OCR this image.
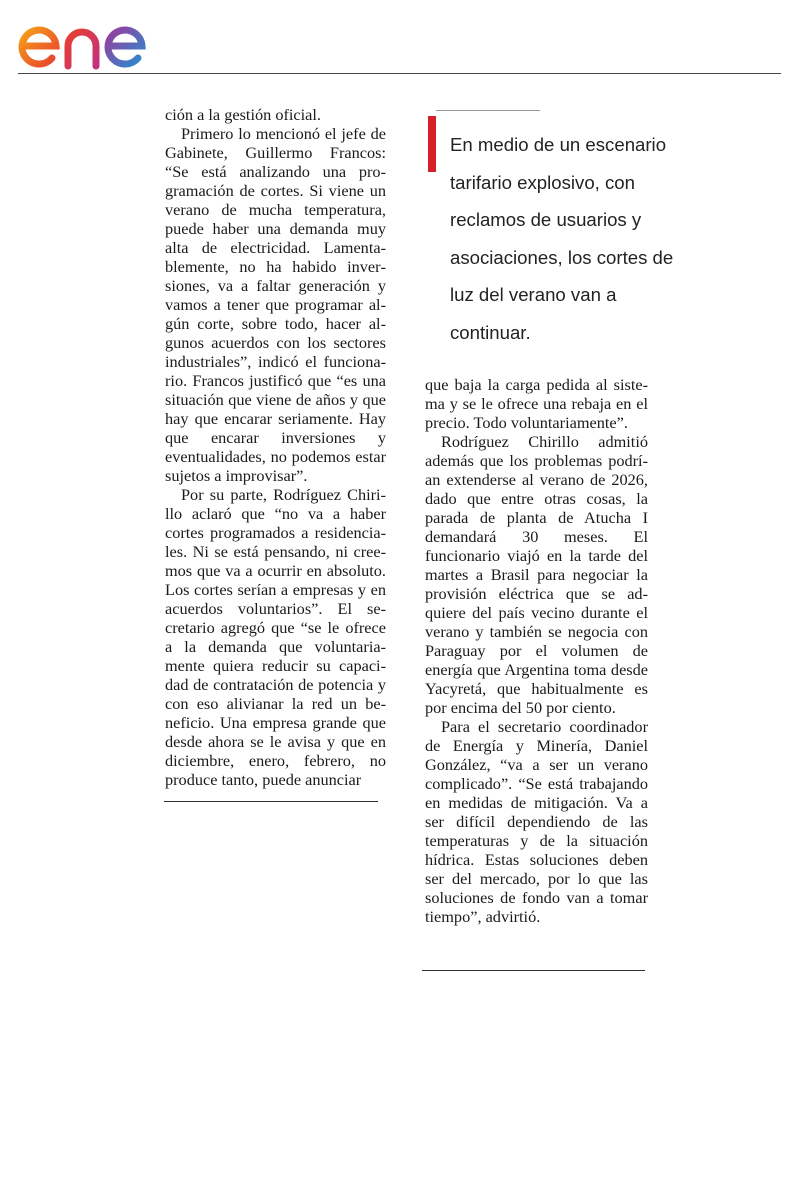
ción a la gestión oficial.

Primero lo mencionó el jefe de Gabinete, Guillermo Francos: “Se está analizando una programación de cortes. Si viene un verano de mucha temperatura, puede haber una demanda muy alta de electricidad. Lamentablemente, no ha habido inversiones, va a faltar generación y vamos a tener que programar algún corte, sobre todo, hacer algunos acuerdos con los sectores industriales”, indicó el funcionario. Francos justificó que “es una situación que viene de años y que hay que encarar seriamente. Hay que encarar inversiones y eventualidades, no podemos estar sujetos a improvisar”.

Por su parte, Rodríguez Chirillo aclaró que “no va a haber cortes programados a residenciales. Ni se está pensando, ni creemos que va a ocurrir en absoluto. Los cortes serían a empresas y en acuerdos voluntarios”. El secretario agregó que “se le ofrece a la demanda que voluntariamente quiera reducir su capacidad de contratación de potencia y con eso alivianar la red un beneficio. Una empresa grande que desde ahora se le avisa y que en diciembre, enero, febrero, no produce tanto, puede anunciar

En medio de un escenario tarifario explosivo, con reclamos de usuarios y asociaciones, los cortes de luz del verano van a continuar.

que baja la carga pedida al sistema y se le ofrece una rebaja en el precio. Todo voluntariamente”.

Rodríguez Chirillo admitió además que los problemas podrían extenderse al verano de 2026, dado que entre otras cosas, la parada de planta de Atucha I demandará 30 meses. El funcionario viajó en la tarde del martes a Brasil para negociar la provisión eléctrica que se adquiere del país vecino durante el verano y también se negocia con Paraguay por el volumen de energía que Argentina toma desde Yacyretá, que habitualmente es por encima del 50 por ciento.

Para el secretario coordinador de Energía y Minería, Daniel González, “va a ser un verano complicado”. “Se está trabajando en medidas de mitigación. Va a ser difícil dependiendo de las temperaturas y de la situación hídrica. Estas soluciones deben ser del mercado, por lo que las soluciones de fondo van a tomar tiempo”, advirtió.
